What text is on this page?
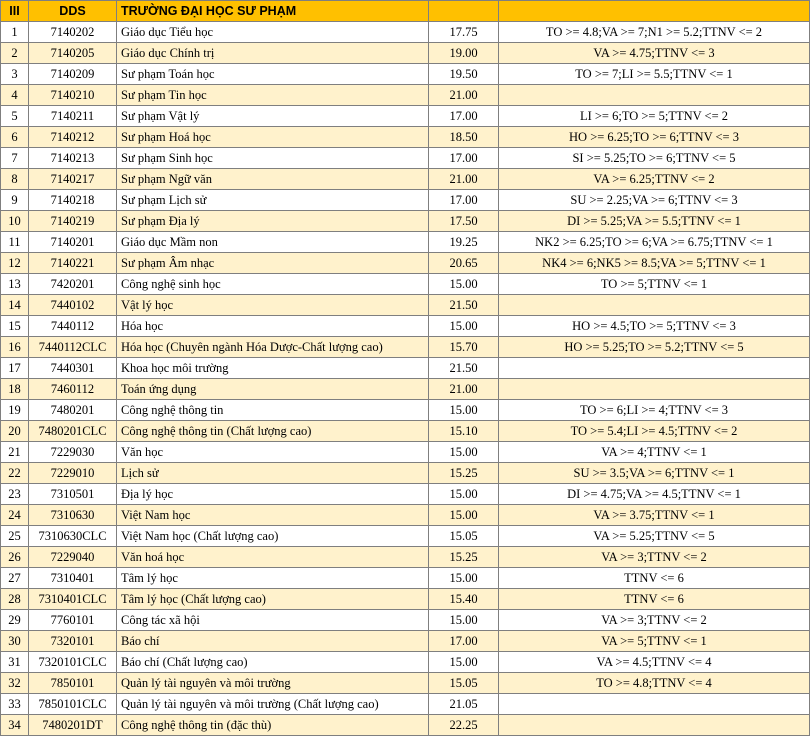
III	DDS	TRƯỜNG ĐẠI HỌC SƯ PHẠM		
1	7140202	Giáo dục Tiểu học	17.75	TO >= 4.8;VA >= 7;N1 >= 5.2;TTNV <= 2
2	7140205	Giáo dục Chính trị	19.00	VA >= 4.75;TTNV <= 3
3	7140209	Sư phạm Toán học	19.50	TO >= 7;LI >= 5.5;TTNV <= 1
4	7140210	Sư phạm Tin học	21.00	
5	7140211	Sư phạm Vật lý	17.00	LI >= 6;TO >= 5;TTNV <= 2
6	7140212	Sư phạm Hoá học	18.50	HO >= 6.25;TO >= 6;TTNV <= 3
7	7140213	Sư phạm Sinh học	17.00	SI >= 5.25;TO >= 6;TTNV <= 5
8	7140217	Sư phạm Ngữ văn	21.00	VA >= 6.25;TTNV <= 2
9	7140218	Sư phạm Lịch sử	17.00	SU >= 2.25;VA >= 6;TTNV <= 3
10	7140219	Sư phạm Địa lý	17.50	DI >= 5.25;VA >= 5.5;TTNV <= 1
11	7140201	Giáo dục Mầm non	19.25	NK2 >= 6.25;TO >= 6;VA >= 6.75;TTNV <= 1
12	7140221	Sư phạm Âm nhạc	20.65	NK4 >= 6;NK5 >= 8.5;VA >= 5;TTNV <= 1
13	7420201	Công nghệ sinh học	15.00	TO >= 5;TTNV <= 1
14	7440102	Vật lý học	21.50	
15	7440112	Hóa học	15.00	HO >= 4.5;TO >= 5;TTNV <= 3
16	7440112CLC	Hóa học (Chuyên ngành Hóa Dược-Chất lượng cao)	15.70	HO >= 5.25;TO >= 5.2;TTNV <= 5
17	7440301	Khoa học môi trường	21.50	
18	7460112	Toán ứng dụng	21.00	
19	7480201	Công nghệ thông tin	15.00	TO >= 6;LI >= 4;TTNV <= 3
20	7480201CLC	Công nghệ thông tin (Chất lượng cao)	15.10	TO >= 5.4;LI >= 4.5;TTNV <= 2
21	7229030	Văn học	15.00	VA >= 4;TTNV <= 1
22	7229010	Lịch sử	15.25	SU >= 3.5;VA >= 6;TTNV <= 1
23	7310501	Địa lý học	15.00	DI >= 4.75;VA >= 4.5;TTNV <= 1
24	7310630	Việt Nam học	15.00	VA >= 3.75;TTNV <= 1
25	7310630CLC	Việt Nam học (Chất lượng cao)	15.05	VA >= 5.25;TTNV <= 5
26	7229040	Văn hoá học	15.25	VA >= 3;TTNV <= 2
27	7310401	Tâm lý học	15.00	TTNV <= 6
28	7310401CLC	Tâm lý học (Chất lượng cao)	15.40	TTNV <= 6
29	7760101	Công tác xã hội	15.00	VA >= 3;TTNV <= 2
30	7320101	Báo chí	17.00	VA >= 5;TTNV <= 1
31	7320101CLC	Báo chí (Chất lượng cao)	15.00	VA >= 4.5;TTNV <= 4
32	7850101	Quản lý tài nguyên và môi trường	15.05	TO >= 4.8;TTNV <= 4
33	7850101CLC	Quản lý tài nguyên và môi trường (Chất lượng cao)	21.05	
34	7480201DT	Công nghệ thông tin (đặc thù)	22.25	
